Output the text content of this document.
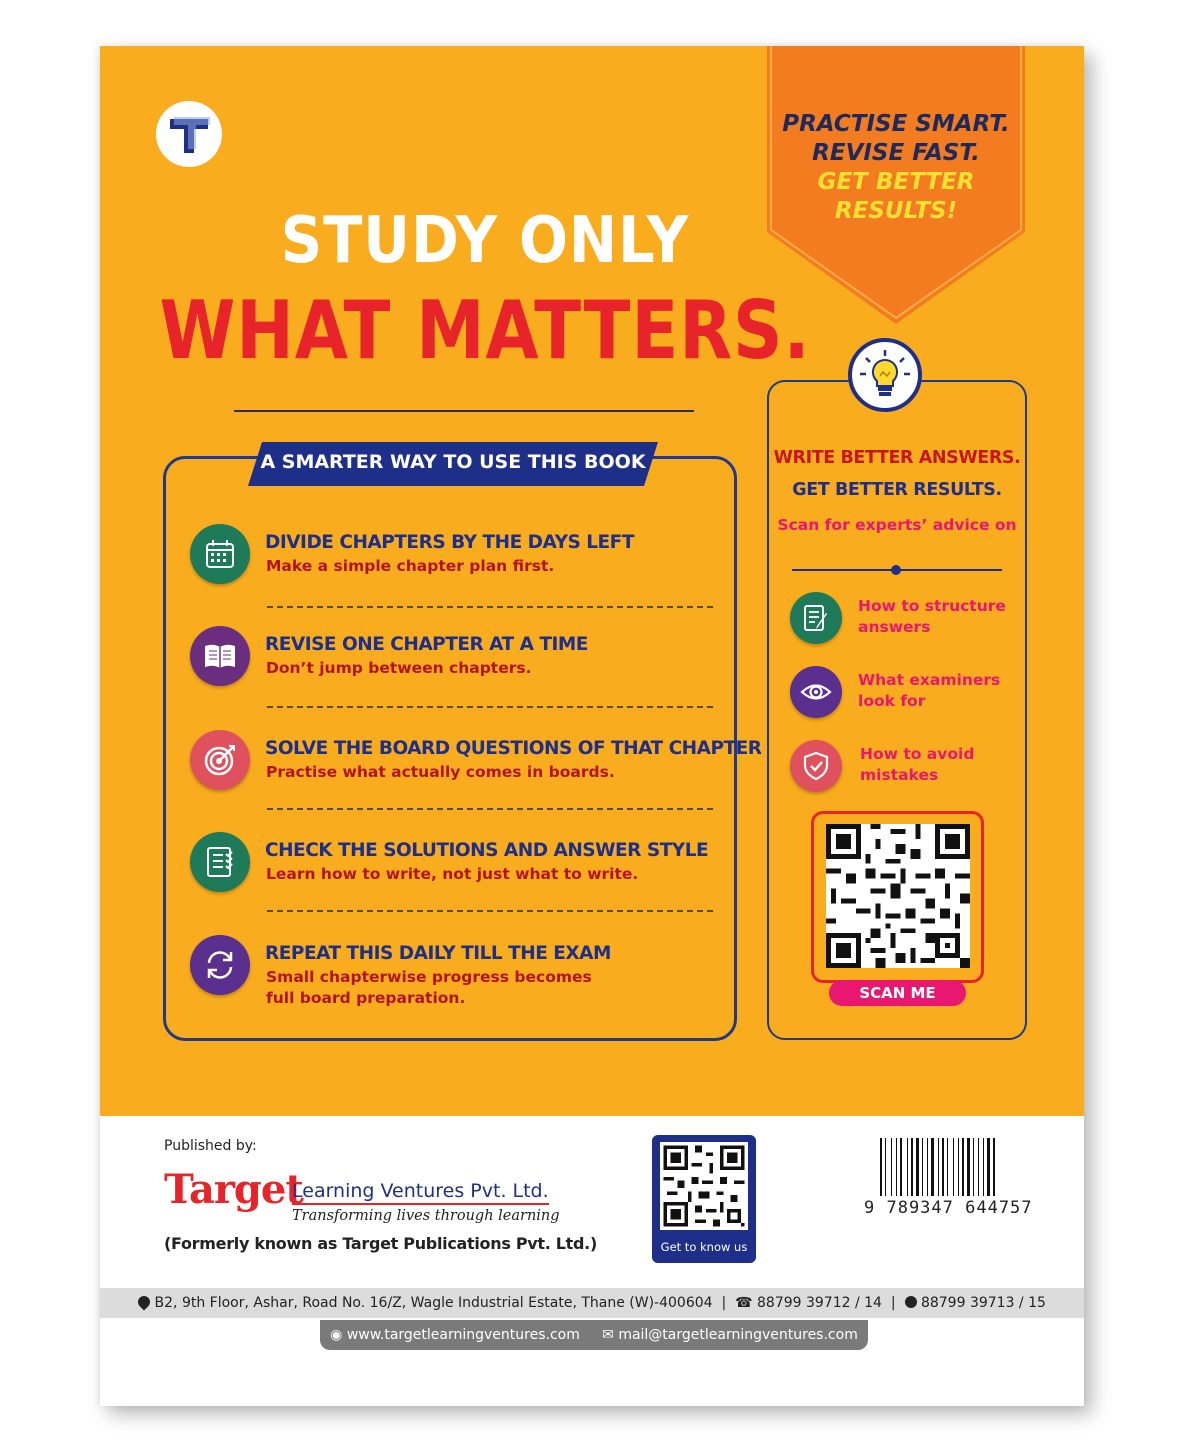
PRACTISE SMART.
REVISE FAST.
GET BETTER
RESULTS!
STUDY ONLY
WHAT MATTERS.
A SMARTER WAY TO USE THIS BOOK
DIVIDE CHAPTERS BY THE DAYS LEFT
Make a simple chapter plan first.
REVISE ONE CHAPTER AT A TIME
Don’t jump between chapters.
SOLVE THE BOARD QUESTIONS OF THAT CHAPTER
Practise what actually comes in boards.
CHECK THE SOLUTIONS AND ANSWER STYLE
Learn how to write, not just what to write.
REPEAT THIS DAILY TILL THE EXAM
Small chapterwise progress becomes
full board preparation.
WRITE BETTER ANSWERS.
GET BETTER RESULTS.
Scan for experts’ advice on
How to structure
answers
What examiners
look for
How to avoid
mistakes
SCAN ME
Published by:
Target
Learning Ventures Pvt. Ltd.
Transforming lives through learning
(Formerly known as Target Publications Pvt. Ltd.)	Get to know us
9 789347 644757
B2, 9th Floor, Ashar, Road No. 16/Z, Wagle Industrial Estate, Thane (W)-400604  |  ☎ 88799 39712 / 14  |   88799 39713 / 15
◉ www.targetlearningventures.com ✉ mail@targetlearningventures.com
